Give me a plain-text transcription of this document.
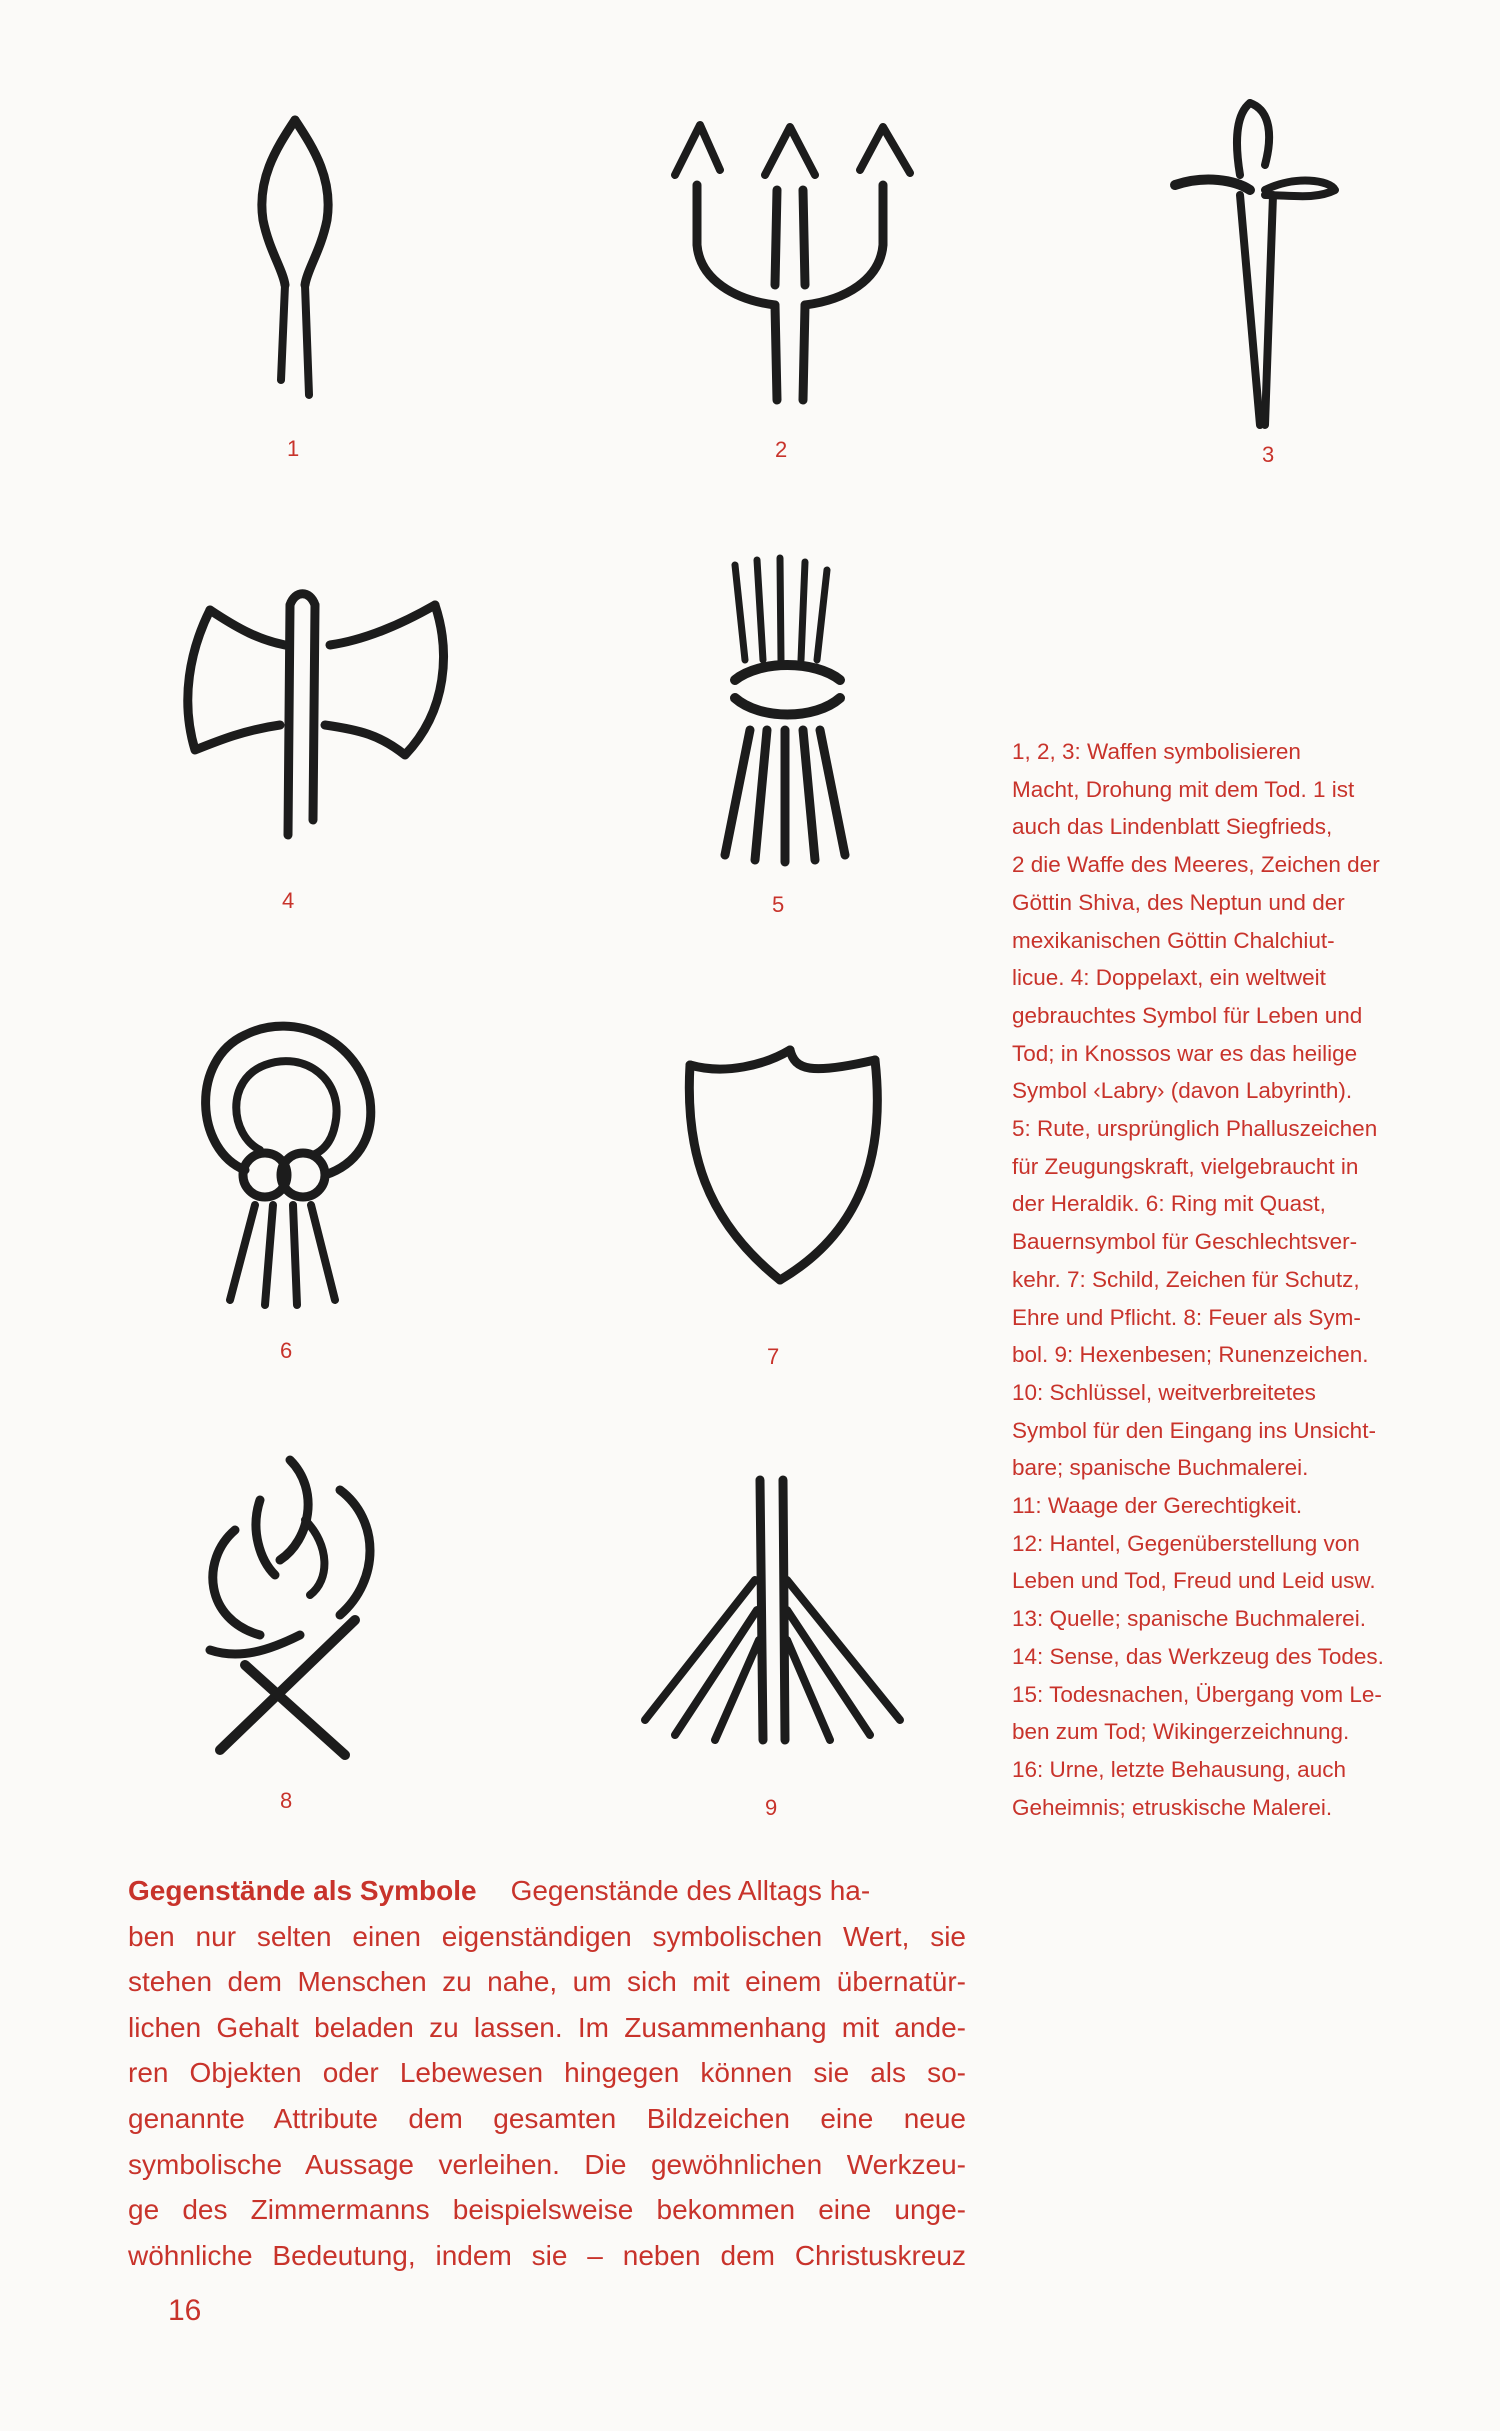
1	2	3
4	5
6	7
8	9
1, 2, 3: Waffen symbolisieren
Macht, Drohung mit dem Tod. 1 ist
auch das Lindenblatt Siegfrieds,
2 die Waffe des Meeres, Zeichen der
Göttin Shiva, des Neptun und der
mexikanischen Göttin Chalchiut-
licue. 4: Doppelaxt, ein weltweit
gebrauchtes Symbol für Leben und
Tod; in Knossos war es das heilige
Symbol ‹Labry› (davon Labyrinth).
5: Rute, ursprünglich Phalluszeichen
für Zeugungskraft, vielgebraucht in
der Heraldik. 6: Ring mit Quast,
Bauernsymbol für Geschlechtsver-
kehr. 7: Schild, Zeichen für Schutz,
Ehre und Pflicht. 8: Feuer als Sym-
bol. 9: Hexenbesen; Runenzeichen.
10: Schlüssel, weitverbreitetes
Symbol für den Eingang ins Unsicht-
bare; spanische Buchmalerei.
11: Waage der Gerechtigkeit.
12: Hantel, Gegenüberstellung von
Leben und Tod, Freud und Leid usw.
13: Quelle; spanische Buchmalerei.
14: Sense, das Werkzeug des Todes.
15: Todesnachen, Übergang vom Le-
ben zum Tod; Wikingerzeichnung.
16: Urne, letzte Behausung, auch
Geheimnis; etruskische Malerei.
Gegenstände als Symbole Gegenstände des Alltags ha-
ben nur selten einen eigenständigen symbolischen Wert, sie
stehen dem Menschen zu nahe, um sich mit einem übernatür-
lichen Gehalt beladen zu lassen. Im Zusammenhang mit ande-
ren Objekten oder Lebewesen hingegen können sie als so-
genannte Attribute dem gesamten Bildzeichen eine neue
symbolische Aussage verleihen. Die gewöhnlichen Werkzeu-
ge des Zimmermanns beispielsweise bekommen eine unge-
wöhnliche Bedeutung, indem sie – neben dem Christuskreuz
16
